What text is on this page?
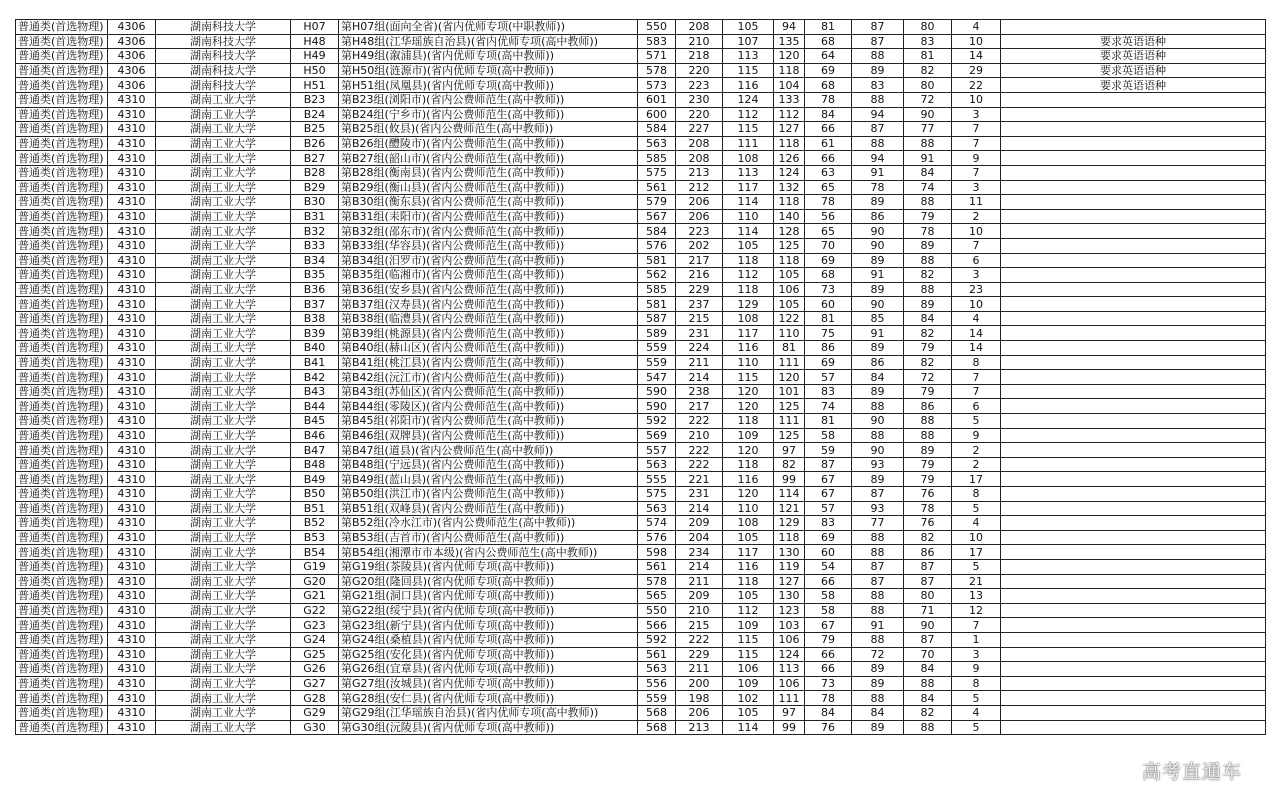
普通类(首选物理)	4306	湖南科技大学	H07	第H07组(面向全省)(省内优师专项(中职教师))	550	208	105	94	81	87	80	4	
普通类(首选物理)	4306	湖南科技大学	H48	第H48组(江华瑶族自治县)(省内优师专项(高中教师))	583	210	107	135	68	87	83	10	要求英语语种
普通类(首选物理)	4306	湖南科技大学	H49	第H49组(溆浦县)(省内优师专项(高中教师))	571	218	113	120	64	88	81	14	要求英语语种
普通类(首选物理)	4306	湖南科技大学	H50	第H50组(涟源市)(省内优师专项(高中教师))	578	220	115	118	69	89	82	29	要求英语语种
普通类(首选物理)	4306	湖南科技大学	H51	第H51组(凤凰县)(省内优师专项(高中教师))	573	223	116	104	68	83	80	22	要求英语语种
普通类(首选物理)	4310	湖南工业大学	B23	第B23组(浏阳市)(省内公费师范生(高中教师))	601	230	124	133	78	88	72	10	
普通类(首选物理)	4310	湖南工业大学	B24	第B24组(宁乡市)(省内公费师范生(高中教师))	600	220	112	112	84	94	90	3	
普通类(首选物理)	4310	湖南工业大学	B25	第B25组(攸县)(省内公费师范生(高中教师))	584	227	115	127	66	87	77	7	
普通类(首选物理)	4310	湖南工业大学	B26	第B26组(醴陵市)(省内公费师范生(高中教师))	563	208	111	118	61	88	88	7	
普通类(首选物理)	4310	湖南工业大学	B27	第B27组(韶山市)(省内公费师范生(高中教师))	585	208	108	126	66	94	91	9	
普通类(首选物理)	4310	湖南工业大学	B28	第B28组(衡南县)(省内公费师范生(高中教师))	575	213	113	124	63	91	84	7	
普通类(首选物理)	4310	湖南工业大学	B29	第B29组(衡山县)(省内公费师范生(高中教师))	561	212	117	132	65	78	74	3	
普通类(首选物理)	4310	湖南工业大学	B30	第B30组(衡东县)(省内公费师范生(高中教师))	579	206	114	118	78	89	88	11	
普通类(首选物理)	4310	湖南工业大学	B31	第B31组(耒阳市)(省内公费师范生(高中教师))	567	206	110	140	56	86	79	2	
普通类(首选物理)	4310	湖南工业大学	B32	第B32组(邵东市)(省内公费师范生(高中教师))	584	223	114	128	65	90	78	10	
普通类(首选物理)	4310	湖南工业大学	B33	第B33组(华容县)(省内公费师范生(高中教师))	576	202	105	125	70	90	89	7	
普通类(首选物理)	4310	湖南工业大学	B34	第B34组(汨罗市)(省内公费师范生(高中教师))	581	217	118	118	69	89	88	6	
普通类(首选物理)	4310	湖南工业大学	B35	第B35组(临湘市)(省内公费师范生(高中教师))	562	216	112	105	68	91	82	3	
普通类(首选物理)	4310	湖南工业大学	B36	第B36组(安乡县)(省内公费师范生(高中教师))	585	229	118	106	73	89	88	23	
普通类(首选物理)	4310	湖南工业大学	B37	第B37组(汉寿县)(省内公费师范生(高中教师))	581	237	129	105	60	90	89	10	
普通类(首选物理)	4310	湖南工业大学	B38	第B38组(临澧县)(省内公费师范生(高中教师))	587	215	108	122	81	85	84	4	
普通类(首选物理)	4310	湖南工业大学	B39	第B39组(桃源县)(省内公费师范生(高中教师))	589	231	117	110	75	91	82	14	
普通类(首选物理)	4310	湖南工业大学	B40	第B40组(赫山区)(省内公费师范生(高中教师))	559	224	116	81	86	89	79	14	
普通类(首选物理)	4310	湖南工业大学	B41	第B41组(桃江县)(省内公费师范生(高中教师))	559	211	110	111	69	86	82	8	
普通类(首选物理)	4310	湖南工业大学	B42	第B42组(沅江市)(省内公费师范生(高中教师))	547	214	115	120	57	84	72	7	
普通类(首选物理)	4310	湖南工业大学	B43	第B43组(苏仙区)(省内公费师范生(高中教师))	590	238	120	101	83	89	79	7	
普通类(首选物理)	4310	湖南工业大学	B44	第B44组(零陵区)(省内公费师范生(高中教师))	590	217	120	125	74	88	86	6	
普通类(首选物理)	4310	湖南工业大学	B45	第B45组(祁阳市)(省内公费师范生(高中教师))	592	222	118	111	81	90	88	5	
普通类(首选物理)	4310	湖南工业大学	B46	第B46组(双牌县)(省内公费师范生(高中教师))	569	210	109	125	58	88	88	9	
普通类(首选物理)	4310	湖南工业大学	B47	第B47组(道县)(省内公费师范生(高中教师))	557	222	120	97	59	90	89	2	
普通类(首选物理)	4310	湖南工业大学	B48	第B48组(宁远县)(省内公费师范生(高中教师))	563	222	118	82	87	93	79	2	
普通类(首选物理)	4310	湖南工业大学	B49	第B49组(蓝山县)(省内公费师范生(高中教师))	555	221	116	99	67	89	79	17	
普通类(首选物理)	4310	湖南工业大学	B50	第B50组(洪江市)(省内公费师范生(高中教师))	575	231	120	114	67	87	76	8	
普通类(首选物理)	4310	湖南工业大学	B51	第B51组(双峰县)(省内公费师范生(高中教师))	563	214	110	121	57	93	78	5	
普通类(首选物理)	4310	湖南工业大学	B52	第B52组(冷水江市)(省内公费师范生(高中教师))	574	209	108	129	83	77	76	4	
普通类(首选物理)	4310	湖南工业大学	B53	第B53组(吉首市)(省内公费师范生(高中教师))	576	204	105	118	69	88	82	10	
普通类(首选物理)	4310	湖南工业大学	B54	第B54组(湘潭市市本级)(省内公费师范生(高中教师))	598	234	117	130	60	88	86	17	
普通类(首选物理)	4310	湖南工业大学	G19	第G19组(茶陵县)(省内优师专项(高中教师))	561	214	116	119	54	87	87	5	
普通类(首选物理)	4310	湖南工业大学	G20	第G20组(隆回县)(省内优师专项(高中教师))	578	211	118	127	66	87	87	21	
普通类(首选物理)	4310	湖南工业大学	G21	第G21组(洞口县)(省内优师专项(高中教师))	565	209	105	130	58	88	80	13	
普通类(首选物理)	4310	湖南工业大学	G22	第G22组(绥宁县)(省内优师专项(高中教师))	550	210	112	123	58	88	71	12	
普通类(首选物理)	4310	湖南工业大学	G23	第G23组(新宁县)(省内优师专项(高中教师))	566	215	109	103	67	91	90	7	
普通类(首选物理)	4310	湖南工业大学	G24	第G24组(桑植县)(省内优师专项(高中教师))	592	222	115	106	79	88	87	1	
普通类(首选物理)	4310	湖南工业大学	G25	第G25组(安化县)(省内优师专项(高中教师))	561	229	115	124	66	72	70	3	
普通类(首选物理)	4310	湖南工业大学	G26	第G26组(宜章县)(省内优师专项(高中教师))	563	211	106	113	66	89	84	9	
普通类(首选物理)	4310	湖南工业大学	G27	第G27组(汝城县)(省内优师专项(高中教师))	556	200	109	106	73	89	88	8	
普通类(首选物理)	4310	湖南工业大学	G28	第G28组(安仁县)(省内优师专项(高中教师))	559	198	102	111	78	88	84	5	
普通类(首选物理)	4310	湖南工业大学	G29	第G29组(江华瑶族自治县)(省内优师专项(高中教师))	568	206	105	97	84	84	82	4	
普通类(首选物理)	4310	湖南工业大学	G30	第G30组(沅陵县)(省内优师专项(高中教师))	568	213	114	99	76	89	88	5	
高考直通车
